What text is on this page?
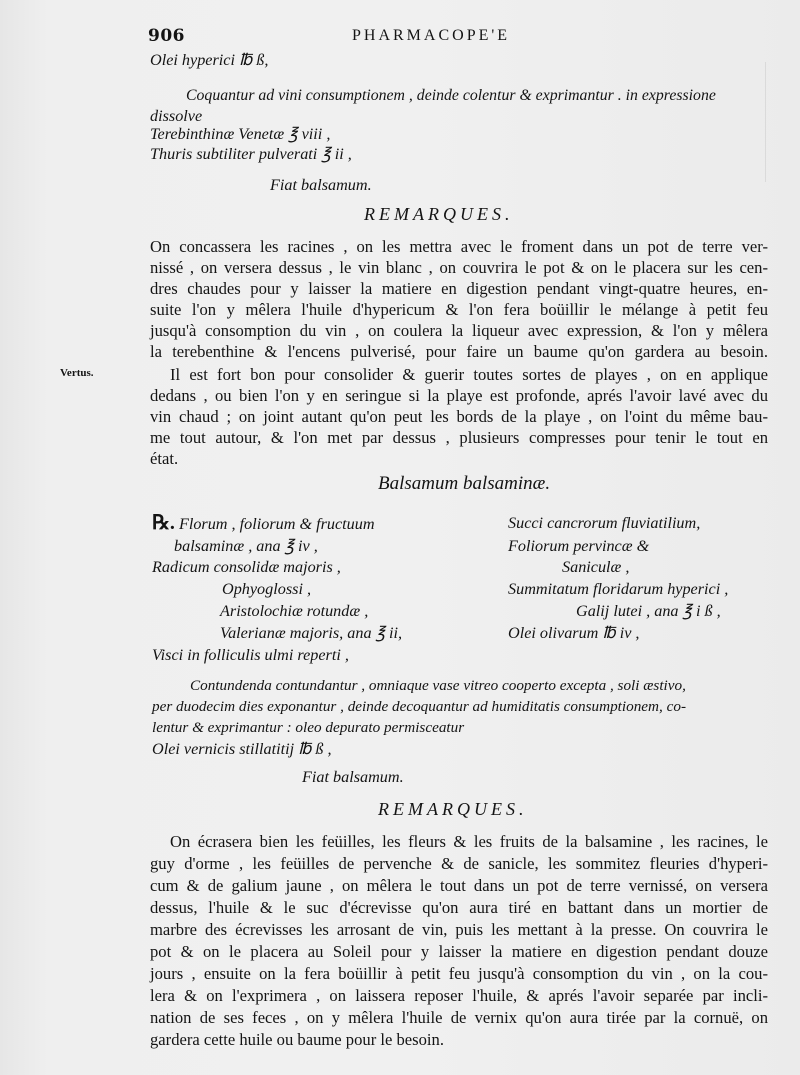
906	PHARMACOPE'E
Olei hyperici ℔ ß,
Coquantur ad vini consumptionem , deinde colentur & exprimantur . in expressione
dissolve
Terebinthinæ Venetæ ℥ viii ,
Thuris subtiliter pulverati ℥ ii ,
Fiat balsamum.
REMARQUES.
Vertus.
On concassera les racines , on les mettra avec le froment dans un pot de terre ver-
nissé , on versera dessus , le vin blanc , on couvrira le pot & on le placera sur les cen-
dres chaudes pour y laisser la matiere en digestion pendant vingt-quatre heures, en-
suite l'on y mêlera l'huile d'hypericum & l'on fera boüillir le mélange à petit feu
jusqu'à consomption du vin , on coulera la liqueur avec expression, & l'on y mêlera
la terebenthine & l'encens pulverisé, pour faire un baume qu'on gardera au besoin.
Il est fort bon pour consolider & guerir toutes sortes de playes , on en applique
dedans , ou bien l'on y en seringue si la playe est profonde, aprés l'avoir lavé avec du
vin chaud ; on joint autant qu'on peut les bords de la playe , on l'oint du même bau-
me tout autour, & l'on met par dessus , plusieurs compresses pour tenir le tout en
état.
Balsamum balsaminæ.
℞. Florum , foliorum & fructuum
balsaminæ , ana ℥ iv ,
Radicum consolidæ majoris ,
Ophyoglossi ,
Aristolochiæ rotundæ ,
Valerianæ majoris, ana ℥ ii,
Visci in folliculis ulmi reperti ,
Succi cancrorum fluviatilium,
Foliorum pervincæ &
Saniculæ ,
Summitatum floridarum hyperici ,
Galij lutei , ana ℥ i ß ,
Olei olivarum ℔ iv ,
Contundenda contundantur , omniaque vase vitreo cooperto excepta , soli æstivo,
per duodecim dies exponantur , deinde decoquantur ad humiditatis consumptionem, co-
lentur & exprimantur : oleo depurato permisceatur
Olei vernicis stillatitij ℔ ß ,
Fiat balsamum.
REMARQUES.
On écrasera bien les feüilles, les fleurs & les fruits de la balsamine , les racines, le
guy d'orme , les feüilles de pervenche & de sanicle, les sommitez fleuries d'hyperi-
cum & de galium jaune , on mêlera le tout dans un pot de terre vernissé, on versera
dessus, l'huile & le suc d'écrevisse qu'on aura tiré en battant dans un mortier de
marbre des écrevisses les arrosant de vin, puis les mettant à la presse. On couvrira le
pot & on le placera au Soleil pour y laisser la matiere en digestion pendant douze
jours , ensuite on la fera boüillir à petit feu jusqu'à consomption du vin , on la cou-
lera & on l'exprimera , on laissera reposer l'huile, & aprés l'avoir separée par incli-
nation de ses feces , on y mêlera l'huile de vernix qu'on aura tirée par la cornuë, on
gardera cette huile ou baume pour le besoin.
